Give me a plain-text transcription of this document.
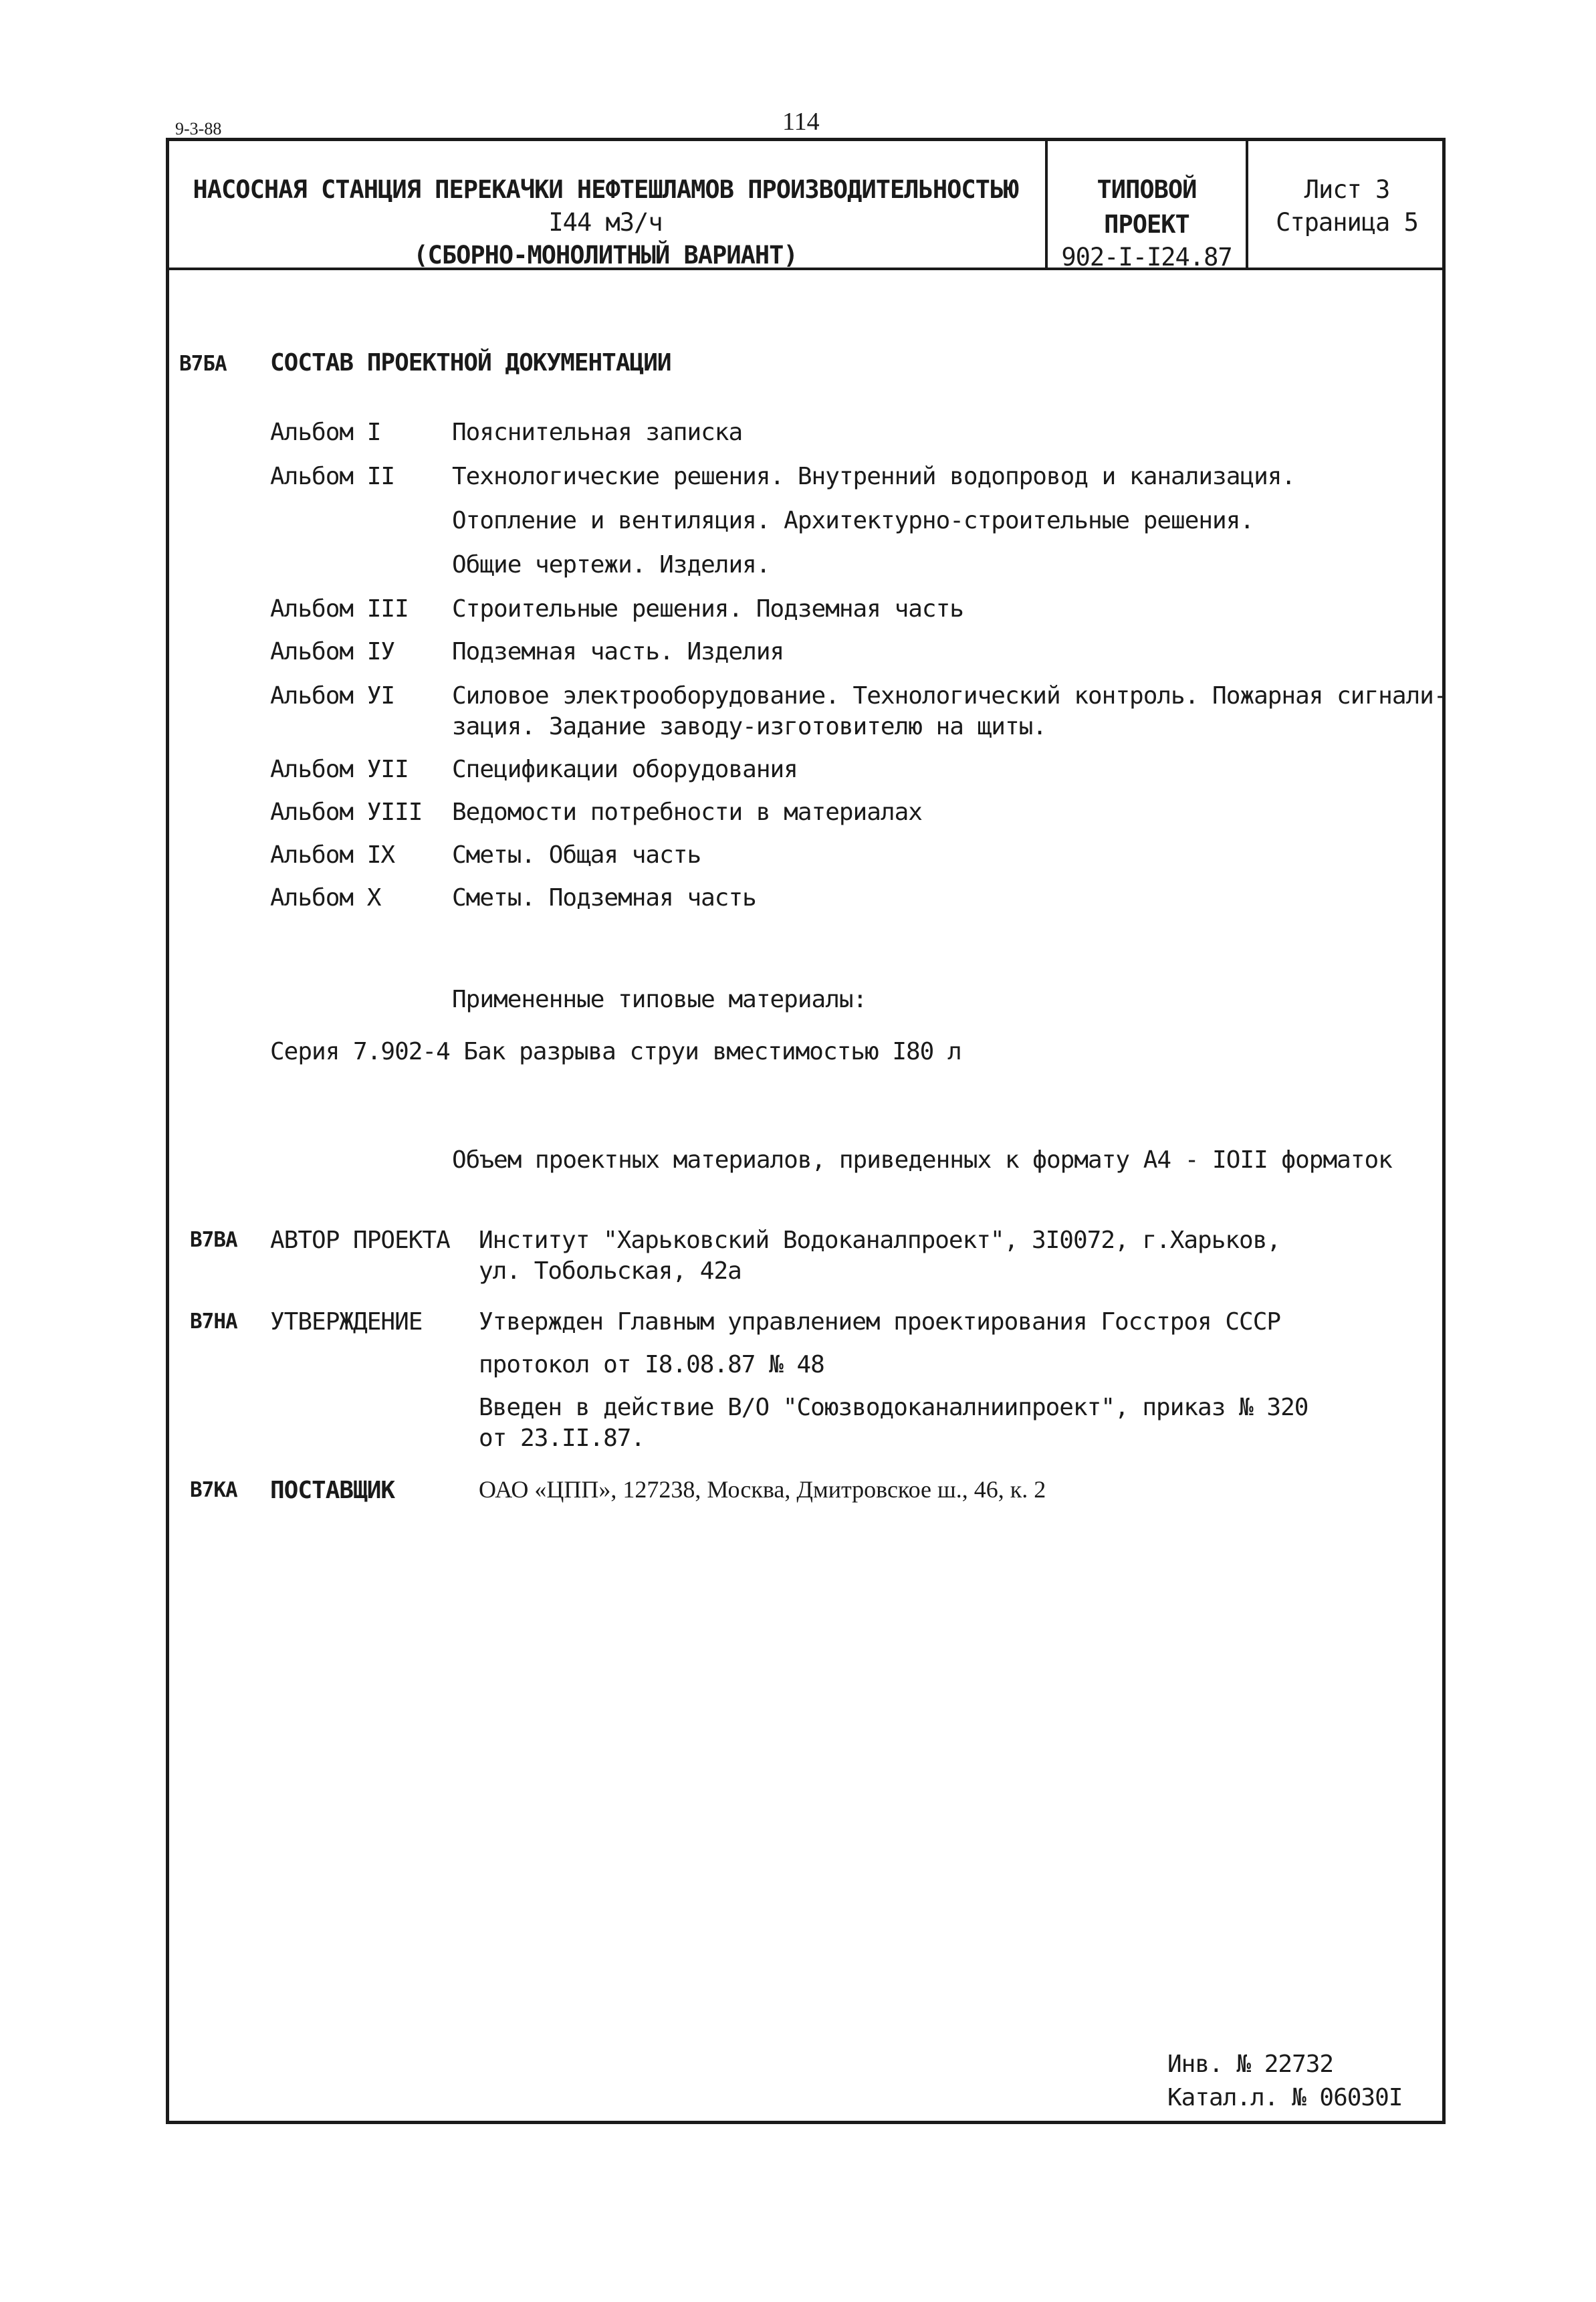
9-3-88	114
НАСОСНАЯ СТАНЦИЯ ПЕРЕКАЧКИ НЕФТЕШЛАМОВ ПРОИЗВОДИТЕЛЬНОСТЬЮ
I44 м3/ч
(СБОРНО-МОНОЛИТНЫЙ ВАРИАНТ)
ТИПОВОЙ ПРОЕКТ
902-I-I24.87
Лист 3
Страница 5
В7БА СОСТАВ ПРОЕКТНОЙ ДОКУМЕНТАЦИИ
Альбом I	Пояснительная записка
Альбом II Технологические решения. Внутренний водопровод и канализация.
Отопление и вентиляция. Архитектурно-строительные решения.
Общие чертежи. Изделия.
Альбом III Строительные решения. Подземная часть
Альбом IУ Подземная часть. Изделия
Альбом УI Силовое электрооборудование. Технологический контроль. Пожарная сигнали-
зация. Задание заводу-изготовителю на щиты.
Альбом УII Спецификации оборудования
Альбом УIII Ведомости потребности в материалах
Альбом IX Сметы. Общая часть
Альбом X	Сметы. Подземная часть
Примененные типовые материалы:
Серия 7.902-4 Бак разрыва струи вместимостью I80 л
Объем проектных материалов, приведенных к формату А4 - IOII форматок
В7ВА АВТОР ПРОЕКТА Институт "Харьковский Водоканалпроект", 3I0072, г.Харьков,
ул. Тобольская, 42а
В7НА УТВЕРЖДЕНИЕ Утвержден Главным управлением проектирования Госстроя СССР
протокол от I8.08.87 № 48
Введен в действие В/О "Союзводоканалниипроект", приказ № 320
от 23.II.87.
В7КА ПОСТАВЩИК	ОАО «ЦПП», 127238, Москва, Дмитровское ш., 46, к. 2
Инв. № 22732
Катал.л. № 06030I
